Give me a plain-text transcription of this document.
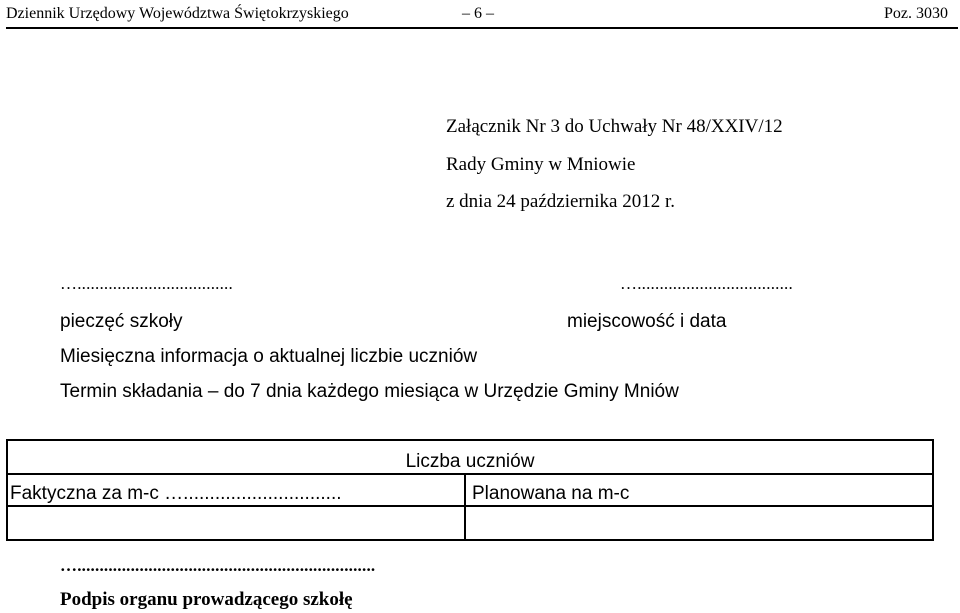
Dziennik Urzędowy Województwa Świętokrzyskiego	– 6 –	Poz. 3030
Załącznik Nr 3 do Uchwały Nr 48/XXIV/12
Rady Gminy w Mniowie
z dnia 24 października 2012 r.
…...................................	…...................................
pieczęć szkoły	miejscowość i data
Miesięczna informacja o aktualnej liczbie uczniów
Termin składania – do 7 dnia każdego miesiąca w Urzędzie Gminy Mniów
Liczba uczniów	
Faktyczna za m-c …..............................	Planowana na m-c

…...................................................................
Podpis organu prowadzącego szkołę
